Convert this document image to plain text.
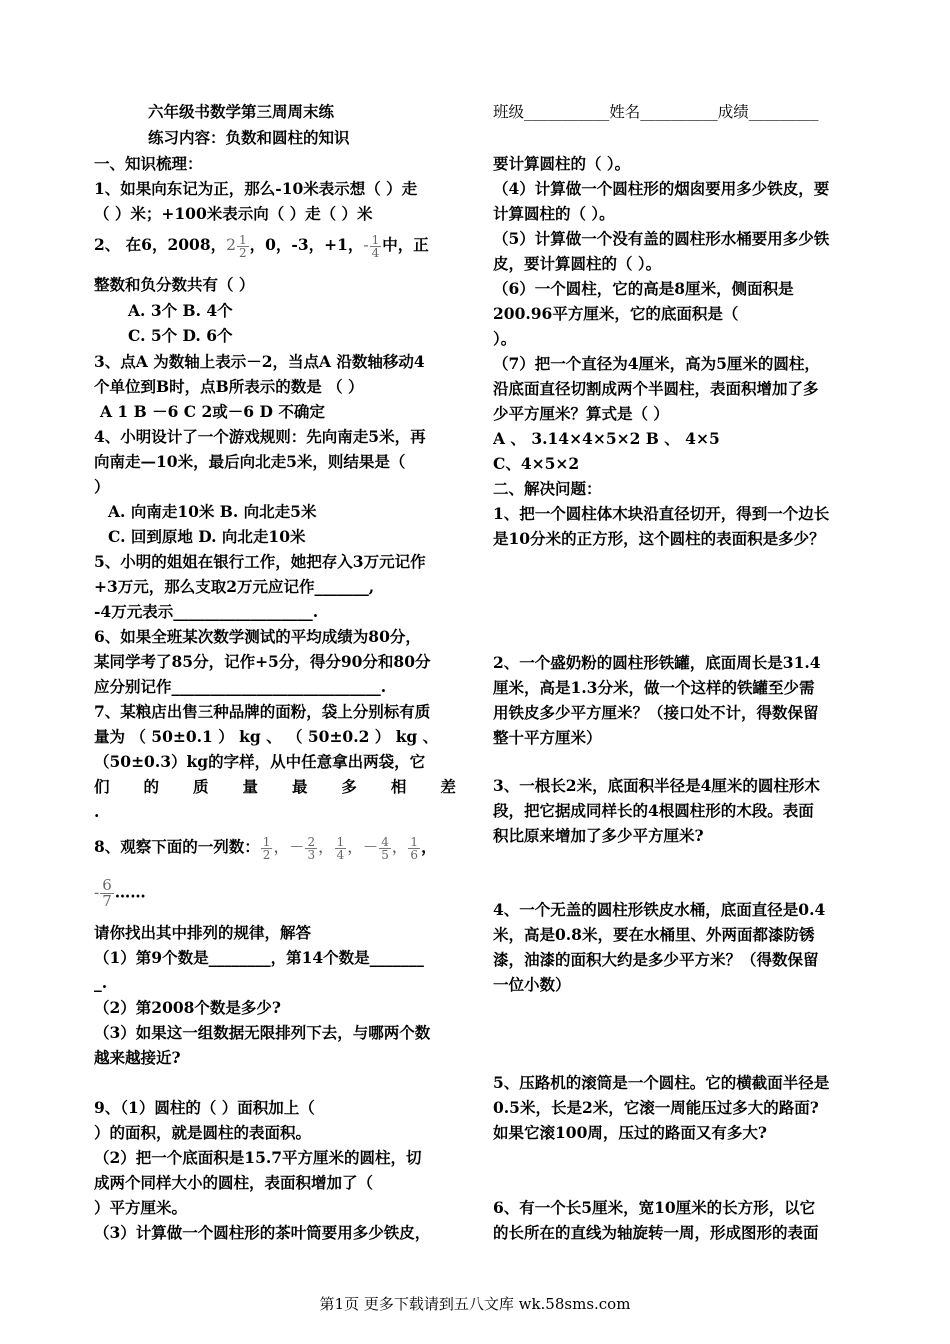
六年级书数学第三周周末练
练习内容：负数和圆柱的知识
班级___________姓名__________成绩_________
一、知识梳理：
1、如果向东记为正，那么-10米表示想（ ）走
（ ）米；+100米表示向（ ）走（ ）米
2、 在6，2008，$2 \frac{1}{2}$ ，0，-3，+1，- $\frac{1}{4}$ 中，正
整数和负分数共有（ ）
A. 3个 B. 4个
C. 5个 D. 6个
3、点A 为数轴上表示－2，当点A 沿数轴移动4
个单位到B时，点B所表示的数是 （ ）
A 1 B －6 C 2或－6 D 不确定
4、小明设计了一个游戏规则：先向南走5米，再
向南走—10米，最后向北走5米，则结果是（
）
A. 向南走10米 B. 向北走5米
C. 回到原地 D. 向北走10米
5、小明的姐姐在银行工作，她把存入3万元记作
+3万元，那么支取2万元应记作_______,
-4万元表示__________________.
6、如果全班某次数学测试的平均成绩为80分，
某同学考了85分，记作+5分，得分90分和80分
应分别记作___________________________.
7、某粮店出售三种品牌的面粉，袋上分别标有质
量为 （ 50±0.1 ） kg 、 （ 50±0.2 ） kg 、
（50±0.3）kg的字样，从中任意拿出两袋，它
们 的 质 量 最 多 相 差
.
8、观察下面的一列数： $\frac{1}{2}$ ，－ $\frac{2}{3}$ ， $\frac{1}{4}$ ，－ $\frac{4}{5}$ ， $\frac{1}{6}$ ，
- $\frac{6}{7}$ ……
请你找出其中排列的规律，解答
（1）第9个数是________，第14个数是_______
_.
（2）第2008个数是多少?
（3）如果这一组数据无限排列下去，与哪两个数
越来越接近?
9、（1）圆柱的（ ）面积加上（
）的面积，就是圆柱的表面积。
（2）把一个底面积是15.7平方厘米的圆柱，切
成两个同样大小的圆柱，表面积增加了（
）平方厘米。
（3）计算做一个圆柱形的茶叶筒要用多少铁皮，
要计算圆柱的（ ）。
（4）计算做一个圆柱形的烟囱要用多少铁皮，要
计算圆柱的（ ）。
（5）计算做一个没有盖的圆柱形水桶要用多少铁
皮，要计算圆柱的（ ）。
（6）一个圆柱，它的高是8厘米，侧面积是
200.96平方厘米，它的底面积是（
）。
（7）把一个直径为4厘米，高为5厘米的圆柱，
沿底面直径切割成两个半圆柱，表面积增加了多
少平方厘米？算式是（ ）
A 、 3.14×4×5×2 B 、 4×5
C、4×5×2
二、解决问题：
1、把一个圆柱体木块沿直径切开，得到一个边长
是10分米的正方形，这个圆柱的表面积是多少？
2、一个盛奶粉的圆柱形铁罐，底面周长是31.4
厘米，高是1.3分米，做一个这样的铁罐至少需
用铁皮多少平方厘米？（接口处不计，得数保留
整十平方厘米）
3、一根长2米，底面积半径是4厘米的圆柱形木
段，把它据成同样长的4根圆柱形的木段。表面
积比原来增加了多少平方厘米?
4、一个无盖的圆柱形铁皮水桶，底面直径是0.4
米，高是0.8米，要在水桶里、外两面都漆防锈
漆，油漆的面积大约是多少平方米？（得数保留
一位小数）
5、压路机的滚筒是一个圆柱。它的横截面半径是
0.5米，长是2米，它滚一周能压过多大的路面?
如果它滚100周，压过的路面又有多大?
6、有一个长5厘米，宽10厘米的长方形，以它
的长所在的直线为轴旋转一周，形成图形的表面
第1页 更多下载请到五八文库 wk.58sms.com
